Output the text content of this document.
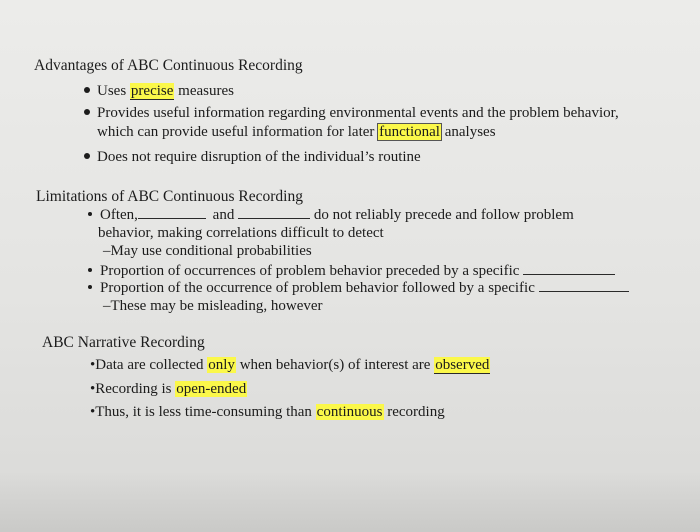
Advantages of ABC Continuous Recording
Uses precise measures
Provides useful information regarding environmental events and the problem behavior,
which can provide useful information for later functional analyses
Does not require disruption of the individual’s routine
Limitations of ABC Continuous Recording
Often,	and	do not reliably precede and follow problem
behavior, making correlations difficult to detect
–May use conditional probabilities
Proportion of occurrences of problem behavior preceded by a specific
Proportion of the occurrence of problem behavior followed by a specific
–These may be misleading, however
ABC Narrative Recording
•Data are collected only when behavior(s) of interest are observed
•Recording is open-ended
•Thus, it is less time-consuming than continuous recording
